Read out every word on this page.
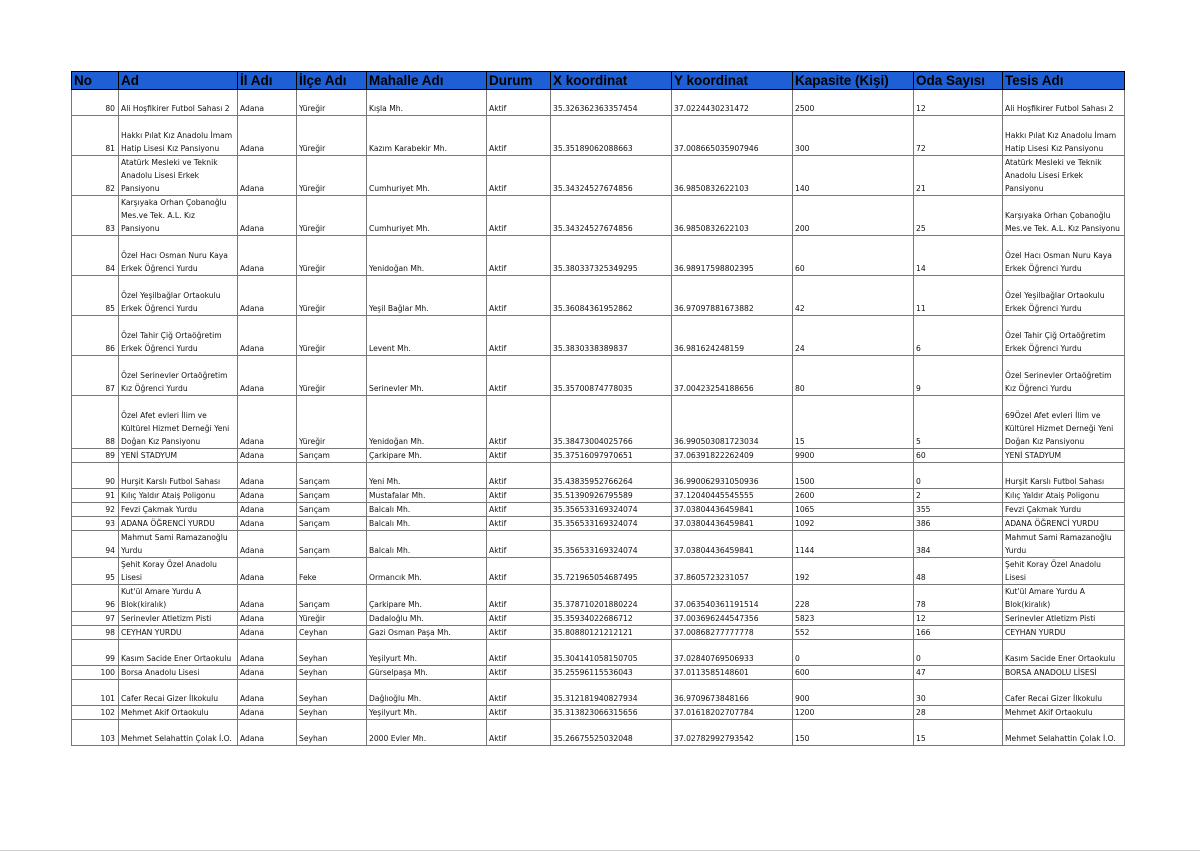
No	Ad	İl Adı	İlçe Adı	Mahalle Adı	Durum	X koordinat	Y koordinat	Kapasite (Kişi)	Oda Sayısı	Tesis Adı
80	Ali Hoşfikirer Futbol Sahası 2	Adana	Yüreğir	Kışla Mh.	Aktif	35.326362363357454	37.0224430231472	2500	12	Ali Hoşfikirer Futbol Sahası 2
81	Hakkı Pılat Kız Anadolu İmam Hatip Lisesi Kız Pansiyonu	Adana	Yüreğir	Kazım Karabekir Mh.	Aktif	35.35189062088663	37.008665035907946	300	72	Hakkı Pılat Kız Anadolu İmam Hatip Lisesi Kız Pansiyonu
82	Atatürk Mesleki ve Teknik Anadolu Lisesi Erkek Pansiyonu	Adana	Yüreğir	Cumhuriyet Mh.	Aktif	35.34324527674856	36.9850832622103	140	21	Atatürk Mesleki ve Teknik Anadolu Lisesi Erkek Pansiyonu
83	Karşıyaka Orhan Çobanoğlu Mes.ve Tek. A.L. Kız Pansiyonu	Adana	Yüreğir	Cumhuriyet Mh.	Aktif	35.34324527674856	36.9850832622103	200	25	Karşıyaka Orhan Çobanoğlu Mes.ve Tek. A.L. Kız Pansiyonu
84	Özel Hacı Osman Nuru Kaya Erkek Öğrenci Yurdu	Adana	Yüreğir	Yenidoğan Mh.	Aktif	35.380337325349295	36.98917598802395	60	14	Özel Hacı Osman Nuru Kaya Erkek Öğrenci Yurdu
85	Özel Yeşilbağlar Ortaokulu Erkek Öğrenci Yurdu	Adana	Yüreğir	Yeşil Bağlar Mh.	Aktif	35.36084361952862	36.97097881673882	42	11	Özel Yeşilbağlar Ortaokulu Erkek Öğrenci Yurdu
86	Özel Tahir Çiğ Ortaöğretim Erkek Öğrenci Yurdu	Adana	Yüreğir	Levent Mh.	Aktif	35.3830338389837	36.981624248159	24	6	Özel Tahir Çiğ Ortaöğretim Erkek Öğrenci Yurdu
87	Özel Serinevler Ortaöğretim Kız Öğrenci Yurdu	Adana	Yüreğir	Serinevler Mh.	Aktif	35.35700874778035	37.00423254188656	80	9	Özel Serinevler Ortaöğretim Kız Öğrenci Yurdu
88	Özel Afet evleri İlim ve Kültürel Hizmet Derneği Yeni Doğan Kız Pansiyonu	Adana	Yüreğir	Yenidoğan Mh.	Aktif	35.38473004025766	36.990503081723034	15	5	69Özel Afet evleri İlim ve Kültürel Hizmet Derneği Yeni Doğan Kız Pansiyonu
89	YENİ STADYUM	Adana	Sarıçam	Çarkipare Mh.	Aktif	35.37516097970651	37.06391822262409	9900	60	YENİ STADYUM
90	Hurşit Karslı Futbol Sahası	Adana	Sarıçam	Yeni Mh.	Aktif	35.43835952766264	36.990062931050936	1500	0	Hurşit Karslı Futbol Sahası
91	Kılıç Yaldır Ataiş Poligonu	Adana	Sarıçam	Mustafalar Mh.	Aktif	35.51390926795589	37.12040445545555	2600	2	Kılıç Yaldır Ataiş Poligonu
92	Fevzi Çakmak Yurdu	Adana	Sarıçam	Balcalı Mh.	Aktif	35.356533169324074	37.03804436459841	1065	355	Fevzi Çakmak Yurdu
93	ADANA ÖĞRENCİ YURDU	Adana	Sarıçam	Balcalı Mh.	Aktif	35.356533169324074	37.03804436459841	1092	386	ADANA ÖĞRENCİ YURDU
94	Mahmut Sami Ramazanoğlu Yurdu	Adana	Sarıçam	Balcalı Mh.	Aktif	35.356533169324074	37.03804436459841	1144	384	Mahmut Sami Ramazanoğlu Yurdu
95	Şehit Koray Özel Anadolu Lisesi	Adana	Feke	Ormancık Mh.	Aktif	35.721965054687495	37.8605723231057	192	48	Şehit Koray Özel Anadolu Lisesi
96	Kut'ül Amare Yurdu A Blok(kiralık)	Adana	Sarıçam	Çarkipare Mh.	Aktif	35.378710201880224	37.063540361191514	228	78	Kut'ül Amare Yurdu A Blok(kiralık)
97	Serinevler Atletizm Pisti	Adana	Yüreğir	Dadaloğlu Mh.	Aktif	35.35934022686712	37.003696244547356	5823	12	Serinevler Atletizm Pisti
98	CEYHAN YURDU	Adana	Ceyhan	Gazi Osman Paşa Mh.	Aktif	35.80880121212121	37.00868277777778	552	166	CEYHAN YURDU
99	Kasım Sacide Ener Ortaokulu	Adana	Seyhan	Yeşilyurt Mh.	Aktif	35.304141058150705	37.02840769506933	0	0	Kasım Sacide Ener Ortaokulu
100	Borsa Anadolu Lisesi	Adana	Seyhan	Gürselpaşa Mh.	Aktif	35.25596115536043	37.0113585148601	600	47	BORSA ANADOLU LİSESİ
101	Cafer Recai Gizer İlkokulu	Adana	Seyhan	Dağlıoğlu Mh.	Aktif	35.312181940827934	36.9709673848166	900	30	Cafer Recai Gizer İlkokulu
102	Mehmet Akif Ortaokulu	Adana	Seyhan	Yeşilyurt Mh.	Aktif	35.313823066315656	37.01618202707784	1200	28	Mehmet Akif Ortaokulu
103	Mehmet Selahattin Çolak İ.O.	Adana	Seyhan	2000 Evler Mh.	Aktif	35.26675525032048	37.02782992793542	150	15	Mehmet Selahattin Çolak İ.O.
